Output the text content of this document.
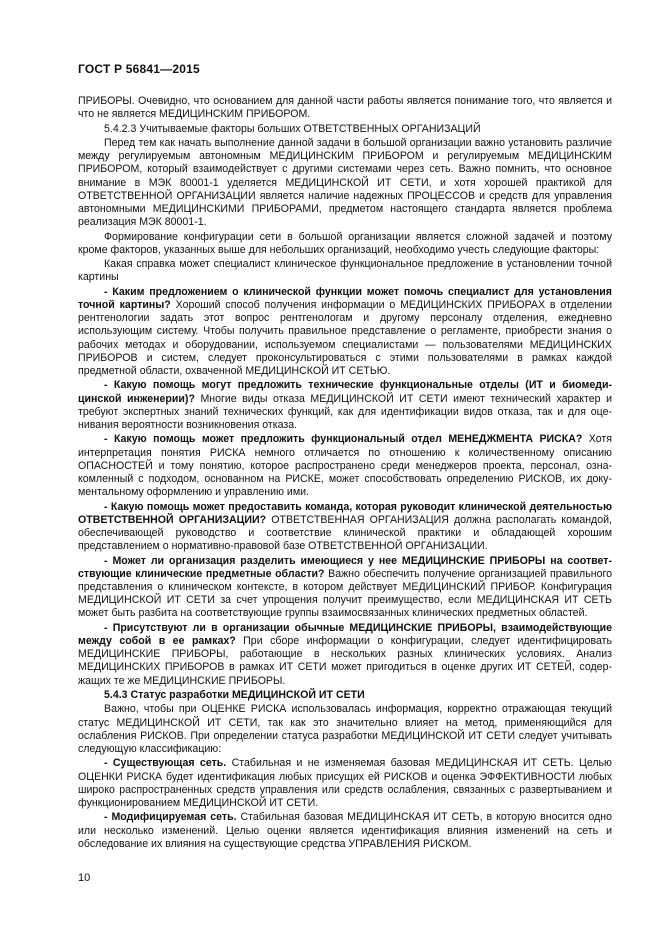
ГОСТ Р 56841—2015

ПРИБОРЫ. Очевидно, что основанием для данной части работы является понимание того, что является и что не является МЕДИЦИНСКИМ ПРИБОРОМ.

5.4.2.3 Учитываемые факторы больших ОТВЕТСТВЕННЫХ ОРГАНИЗАЦИЙ

Перед тем как начать выполнение данной задачи в большой организации важно установить различие между регулируемым автономным МЕДИЦИНСКИМ ПРИБОРОМ и регулируемым МЕДИЦИНСКИМ ПРИБОРОМ, который взаимодействует с другими системами через сеть. Важно помнить, что основное внимание в МЭК 80001-1 уделяется МЕДИЦИНСКОЙ ИТ СЕТИ, и хотя хорошей практикой для ОТВЕТСТВЕННОЙ ОРГАНИЗАЦИИ является наличие надежных ПРОЦЕССОВ и средств для управления автономными МЕДИЦИНСКИМИ ПРИБОРАМИ, предметом настоящего стандарта является проблема реализация МЭК 80001-1.

Формирование конфигурации сети в большой организации является сложной задачей и поэтому кроме факторов, указанных выше для небольших организаций, необходимо учесть следующие факторы:

Какая справка может специалист клиническое функциональное предложение в установлении точной картины

- Каким предложением о клинической функции может помочь специалист для установления точной картины? Хороший способ получения информации о МЕДИЦИНСКИХ ПРИБОРАХ в отделении рентгенологии задать этот вопрос рентгенологам и другому персоналу отделения, ежедневно использующим систему. Чтобы получить правильное представление о регламенте, приобрести знания о рабочих методах и оборудовании, используемом специалистами — пользователями МЕДИЦИНСКИХ ПРИБОРОВ и систем, следует проконсультироваться с этими пользователями в рамках каждой предметной области, охваченной МЕДИЦИНСКОЙ ИТ СЕТЬЮ.

- Какую помощь могут предложить технические функциональные отделы (ИТ и биомедицинской инженерии)? Многие виды отказа МЕДИЦИНСКОЙ ИТ СЕТИ имеют технический характер и требуют экспертных знаний технических функций, как для идентификации видов отказа, так и для оценивания вероятности возникновения отказа.

- Какую помощь может предложить функциональный отдел МЕНЕДЖМЕНТА РИСКА? Хотя интерпретация понятия РИСКА немного отличается по отношению к количественному описанию ОПАСНОСТЕЙ и тому понятию, которое распространено среди менеджеров проекта, персонал, ознакомленный с подходом, основанном на РИСКЕ, может способствовать определению РИСКОВ, их документальному оформлению и управлению ими.

- Какую помощь может предоставить команда, которая руководит клинической деятельностью ОТВЕТСТВЕННОЙ ОРГАНИЗАЦИИ? ОТВЕТСТВЕННАЯ ОРГАНИЗАЦИЯ должна располагать командой, обеспечивающей руководство и соответствие клинической практики и обладающей хорошим представлением о нормативно-правовой базе ОТВЕТСТВЕННОЙ ОРГАНИЗАЦИИ.

- Может ли организация разделить имеющиеся у нее МЕДИЦИНСКИЕ ПРИБОРЫ на соответствующие клинические предметные области? Важно обеспечить получение организацией правильного представления о клиническом контексте, в котором действует МЕДИЦИНСКИЙ ПРИБОР. Конфигурация МЕДИЦИНСКОЙ ИТ СЕТИ за счет упрощения получит преимущество, если МЕДИЦИНСКАЯ ИТ СЕТЬ может быть разбита на соответствующие группы взаимосвязанных клинических предметных областей.

- Присутствуют ли в организации обычные МЕДИЦИНСКИЕ ПРИБОРЫ, взаимодействующие между собой в ее рамках? При сборе информации о конфигурации, следует идентифицировать МЕДИЦИНСКИЕ ПРИБОРЫ, работающие в нескольких разных клинических условиях. Анализ МЕДИЦИНСКИХ ПРИБОРОВ в рамках ИТ СЕТИ может пригодиться в оценке других ИТ СЕТЕЙ, содержащих те же МЕДИЦИНСКИЕ ПРИБОРЫ.

5.4.3 Статус разработки МЕДИЦИНСКОЙ ИТ СЕТИ

Важно, чтобы при ОЦЕНКЕ РИСКА использовалась информация, корректно отражающая текущий статус МЕДИЦИНСКОЙ ИТ СЕТИ, так как это значительно влияет на метод, применяющийся для ослабления РИСКОВ. При определении статуса разработки МЕДИЦИНСКОЙ ИТ СЕТИ следует учитывать следующую классификацию:

- Существующая сеть. Стабильная и не изменяемая базовая МЕДИЦИНСКАЯ ИТ СЕТЬ. Целью ОЦЕНКИ РИСКА будет идентификация любых присущих ей РИСКОВ и оценка ЭФФЕКТИВНОСТИ любых широко распространенных средств управления или средств ослабления, связанных с развертыванием и функционированием МЕДИЦИНСКОЙ ИТ СЕТИ.

- Модифицируемая сеть. Стабильная базовая МЕДИЦИНСКАЯ ИТ СЕТЬ, в которую вносится одно или несколько изменений. Целью оценки является идентификация влияния изменений на сеть и обследование их влияния на существующие средства УПРАВЛЕНИЯ РИСКОМ.

10
